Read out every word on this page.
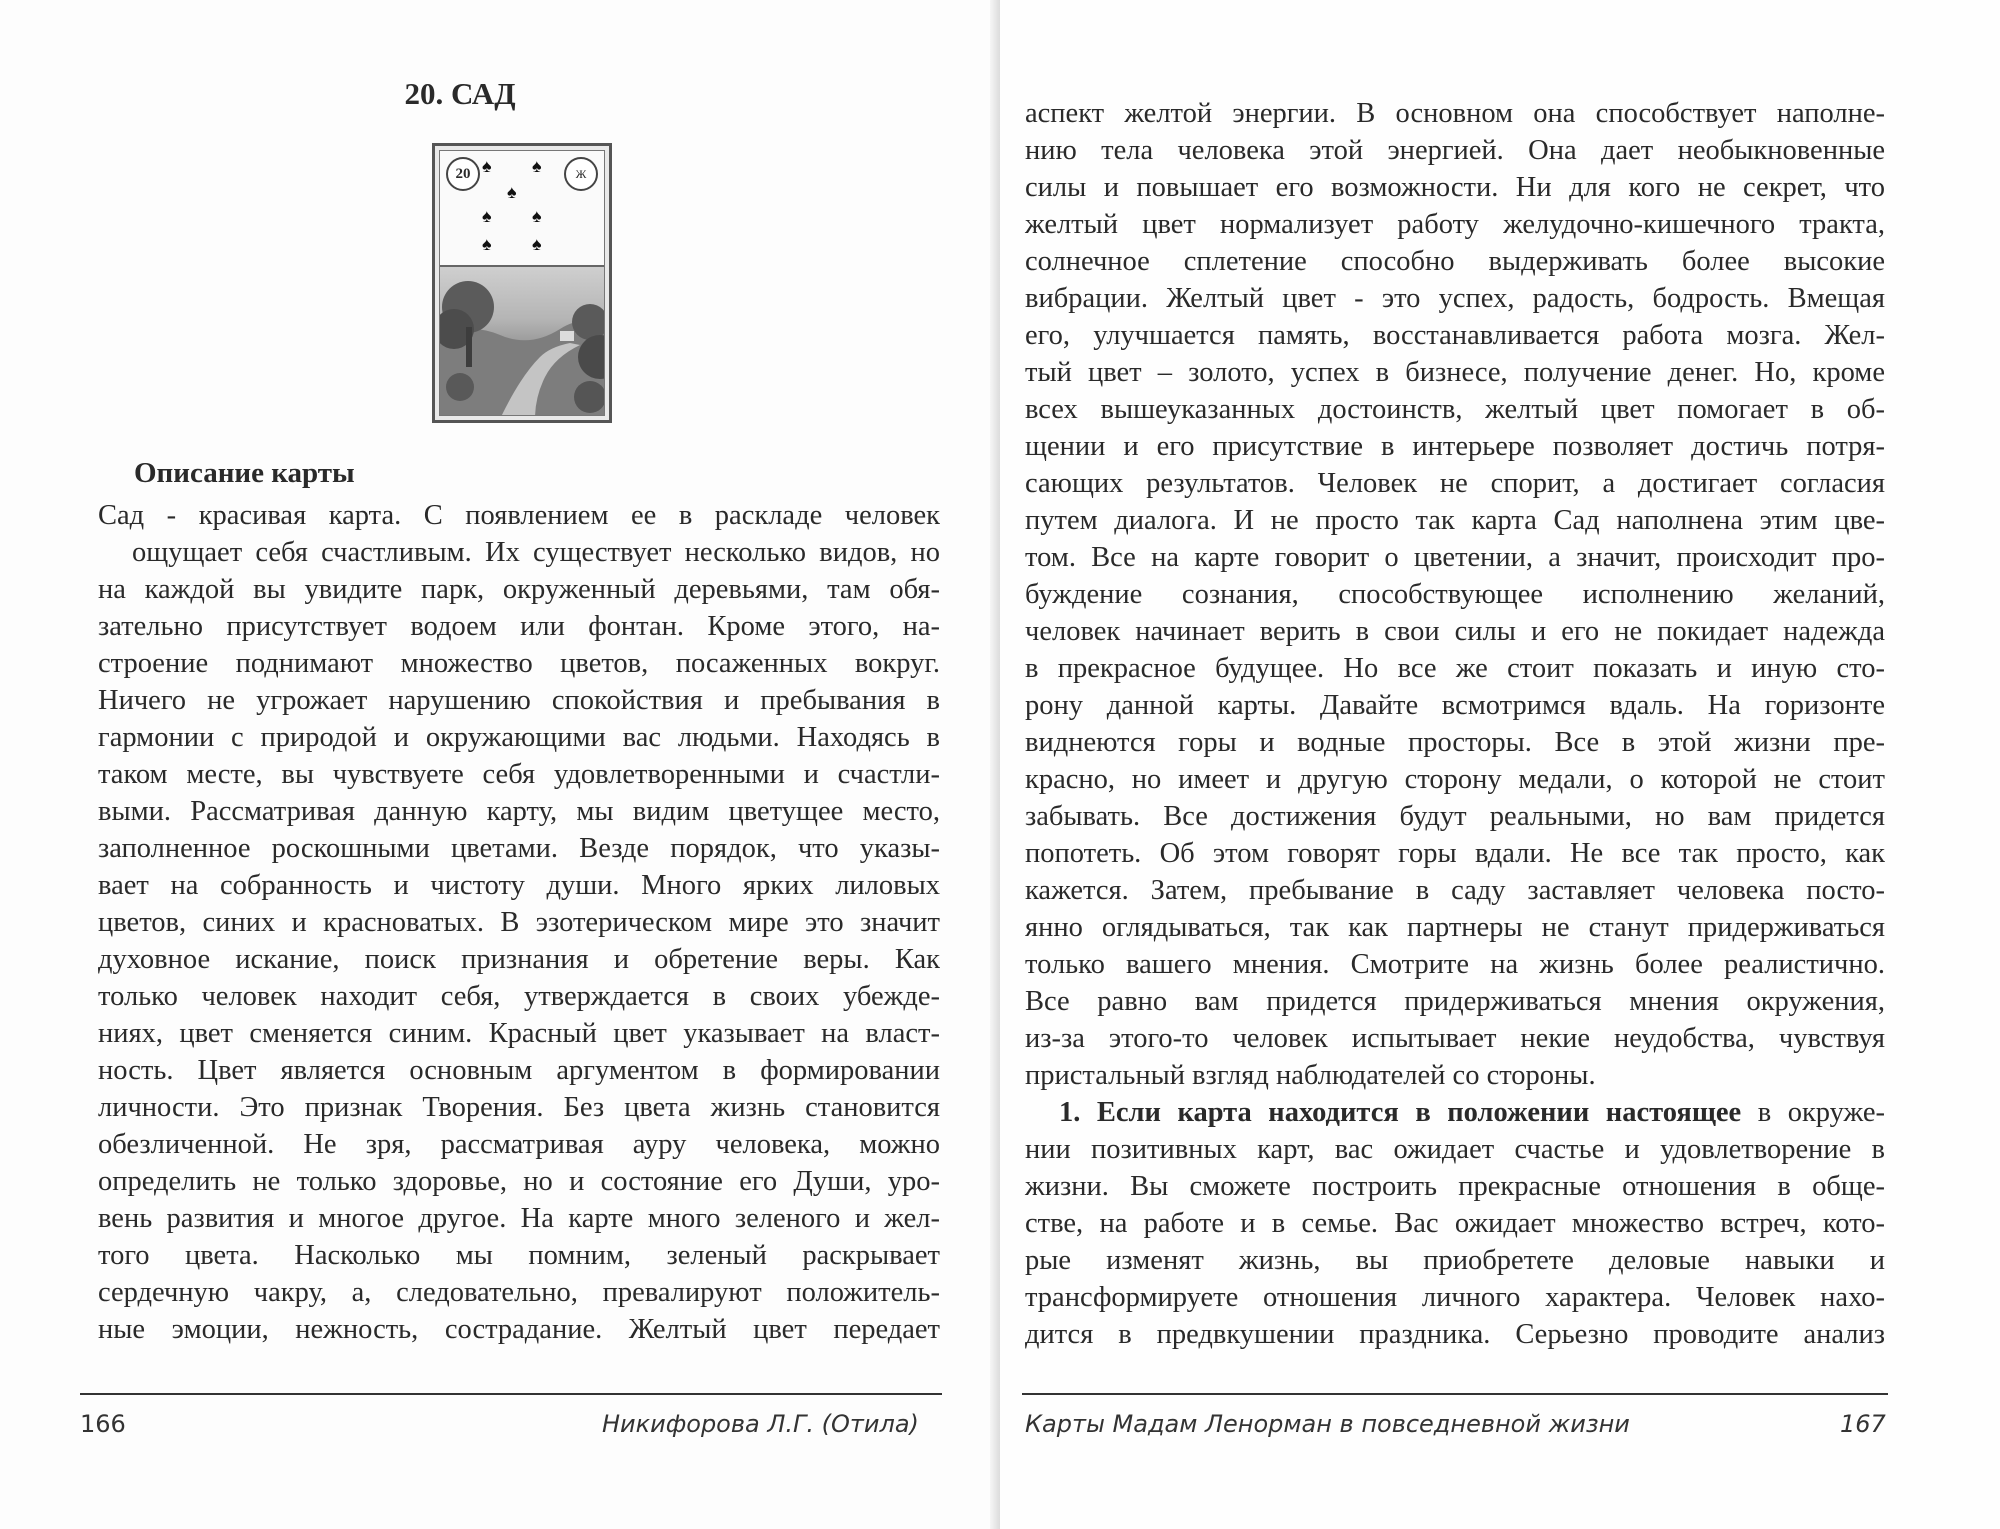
20. САД
20	Ж
♠ ♠
♠
♠ ♠
♠ ♠
Описание карты
Сад - красивая карта. С появлением ее в раскладе человек
ощущает себя счастливым. Их существует несколько видов, но
на каждой вы увидите парк, окруженный деревьями, там обя-
зательно присутствует водоем или фонтан. Кроме этого, на-
строение поднимают множество цветов, посаженных вокруг.
Ничего не угрожает нарушению спокойствия и пребывания в
гармонии с природой и окружающими вас людьми. Находясь в
таком месте, вы чувствуете себя удовлетворенными и счастли-
выми. Рассматривая данную карту, мы видим цветущее место,
заполненное роскошными цветами. Везде порядок, что указы-
вает на собранность и чистоту души. Много ярких лиловых
цветов, синих и красноватых. В эзотерическом мире это значит
духовное искание, поиск признания и обретение веры. Как
только человек находит себя, утверждается в своих убежде-
ниях, цвет сменяется синим. Красный цвет указывает на власт-
ность. Цвет является основным аргументом в формировании
личности. Это признак Творения. Без цвета жизнь становится
обезличенной. Не зря, рассматривая ауру человека, можно
определить не только здоровье, но и состояние его Души, уро-
вень развития и многое другое. На карте много зеленого и жел-
того цвета. Насколько мы помним, зеленый раскрывает
сердечную чакру, а, следовательно, превалируют положитель-
ные эмоции, нежность, сострадание. Желтый цвет передает
166	Никифорова Л.Г. (Отила)
аспект желтой энергии. В основном она способствует наполне-
нию тела человека этой энергией. Она дает необыкновенные
силы и повышает его возможности. Ни для кого не секрет, что
желтый цвет нормализует работу желудочно-кишечного тракта,
солнечное сплетение способно выдерживать более высокие
вибрации. Желтый цвет - это успех, радость, бодрость. Вмещая
его, улучшается память, восстанавливается работа мозга. Жел-
тый цвет – золото, успех в бизнесе, получение денег. Но, кроме
всех вышеуказанных достоинств, желтый цвет помогает в об-
щении и его присутствие в интерьере позволяет достичь потря-
сающих результатов. Человек не спорит, а достигает согласия
путем диалога. И не просто так карта Сад наполнена этим цве-
том. Все на карте говорит о цветении, а значит, происходит про-
буждение сознания, способствующее исполнению желаний,
человек начинает верить в свои силы и его не покидает надежда
в прекрасное будущее. Но все же стоит показать и иную сто-
рону данной карты. Давайте всмотримся вдаль. На горизонте
виднеются горы и водные просторы. Все в этой жизни пре-
красно, но имеет и другую сторону медали, о которой не стоит
забывать. Все достижения будут реальными, но вам придется
попотеть. Об этом говорят горы вдали. Не все так просто, как
кажется. Затем, пребывание в саду заставляет человека посто-
янно оглядываться, так как партнеры не станут придерживаться
только вашего мнения. Смотрите на жизнь более реалистично.
Все равно вам придется придерживаться мнения окружения,
из-за этого-то человек испытывает некие неудобства, чувствуя
пристальный взгляд наблюдателей со стороны.
1. Если карта находится в положении настоящее в окруже-
нии позитивных карт, вас ожидает счастье и удовлетворение в
жизни. Вы сможете построить прекрасные отношения в обще-
стве, на работе и в семье. Вас ожидает множество встреч, кото-
рые изменят жизнь, вы приобретете деловые навыки и
трансформируете отношения личного характера. Человек нахо-
дится в предвкушении праздника. Серьезно проводите анализ
Карты Мадам Ленорман в повседневной жизни	167
